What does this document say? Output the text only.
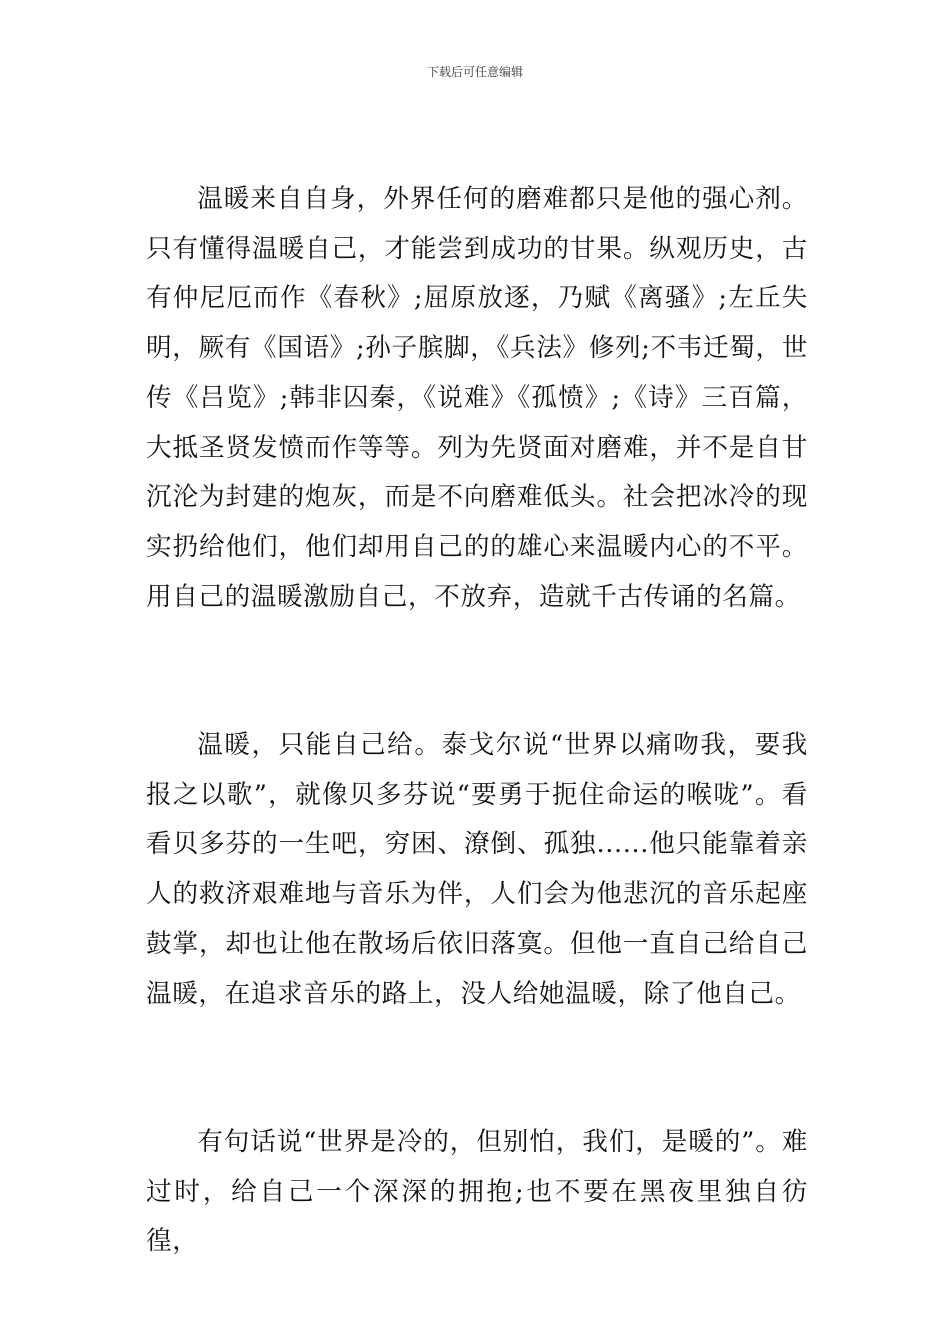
下载后可任意编辑

温暖来自自身，外界任何的磨难都只是他的强心剂。只有懂得温暖自己，才能尝到成功的甘果。纵观历史，古有仲尼厄而作《春秋》;屈原放逐，乃赋《离骚》;左丘失明，厥有《国语》;孙子膑脚，《兵法》修列;不韦迁蜀，世传《吕览》;韩非囚秦，《说难》《孤愤》;《诗》三百篇，大抵圣贤发愤而作等等。列为先贤面对磨难，并不是自甘沉沦为封建的炮灰，而是不向磨难低头。社会把冰冷的现实扔给他们，他们却用自己的的雄心来温暖内心的不平。用自己的温暖激励自己，不放弃，造就千古传诵的名篇。

温暖，只能自己给。泰戈尔说“世界以痛吻我，要我报之以歌”，就像贝多芬说“要勇于扼住命运的喉咙”。看看贝多芬的一生吧，穷困、潦倒、孤独......他只能靠着亲人的救济艰难地与音乐为伴，人们会为他悲沉的音乐起座鼓掌，却也让他在散场后依旧落寞。但他一直自己给自己温暖，在追求音乐的路上，没人给她温暖，除了他自己。

有句话说“世界是冷的，但别怕，我们，是暖的”。难过时，给自己一个深深的拥抱;也不要在黑夜里独自彷徨，
